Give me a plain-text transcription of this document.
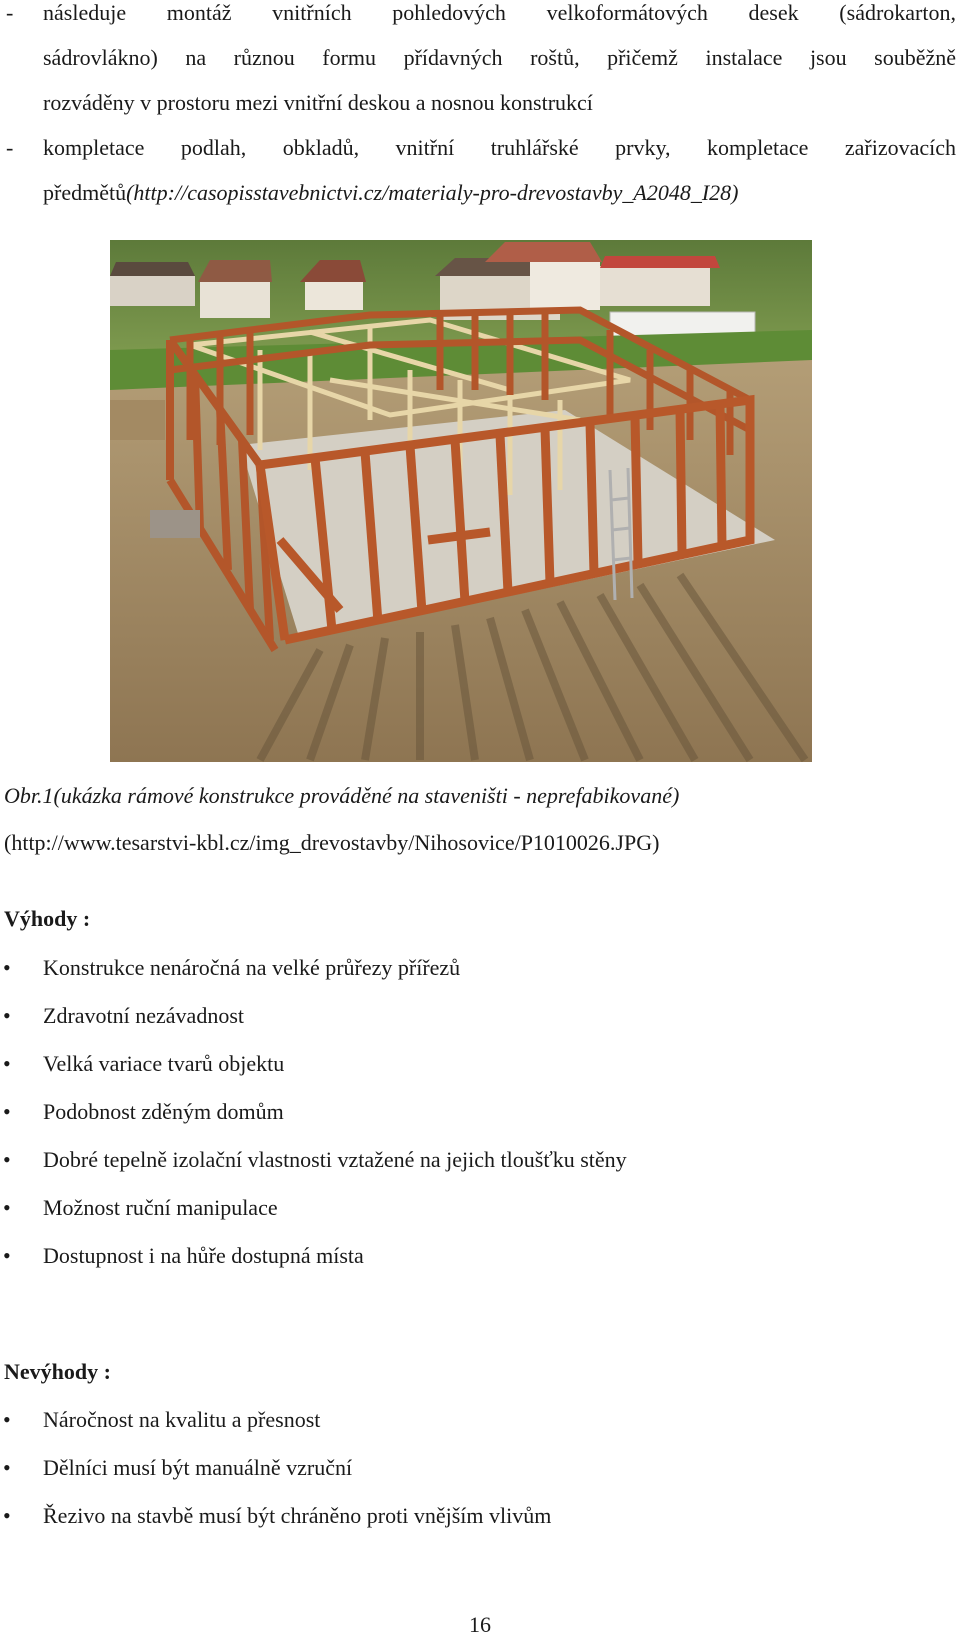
- následuje montáž vnitřních pohledových velkoformátových desek (sádrokarton,
sádrovlákno) na různou formu přídavných roštů, přičemž instalace jsou souběžně
rozváděny v prostoru mezi vnitřní deskou a nosnou konstrukcí
- kompletace podlah, obkladů, vnitřní truhlářské prvky, kompletace zařizovacích
předmětů(http://casopisstavebnictvi.cz/materialy-pro-drevostavby_A2048_I28)
Obr.1(ukázka rámové konstrukce prováděné na staveništi - neprefabikované)
(http://www.tesarstvi-kbl.cz/img_drevostavby/Nihosovice/P1010026.JPG)
Výhody :
• Konstrukce nenáročná na velké průřezy přířezů
• Zdravotní nezávadnost
• Velká variace tvarů objektu
• Podobnost zděným domům
• Dobré tepelně izolační vlastnosti vztažené na jejich tloušťku stěny
• Možnost ruční manipulace
• Dostupnost i na hůře dostupná místa
Nevýhody :
• Náročnost na kvalitu a přesnost
• Dělníci musí být manuálně vzruční
• Řezivo na stavbě musí být chráněno proti vnějším vlivům
16
